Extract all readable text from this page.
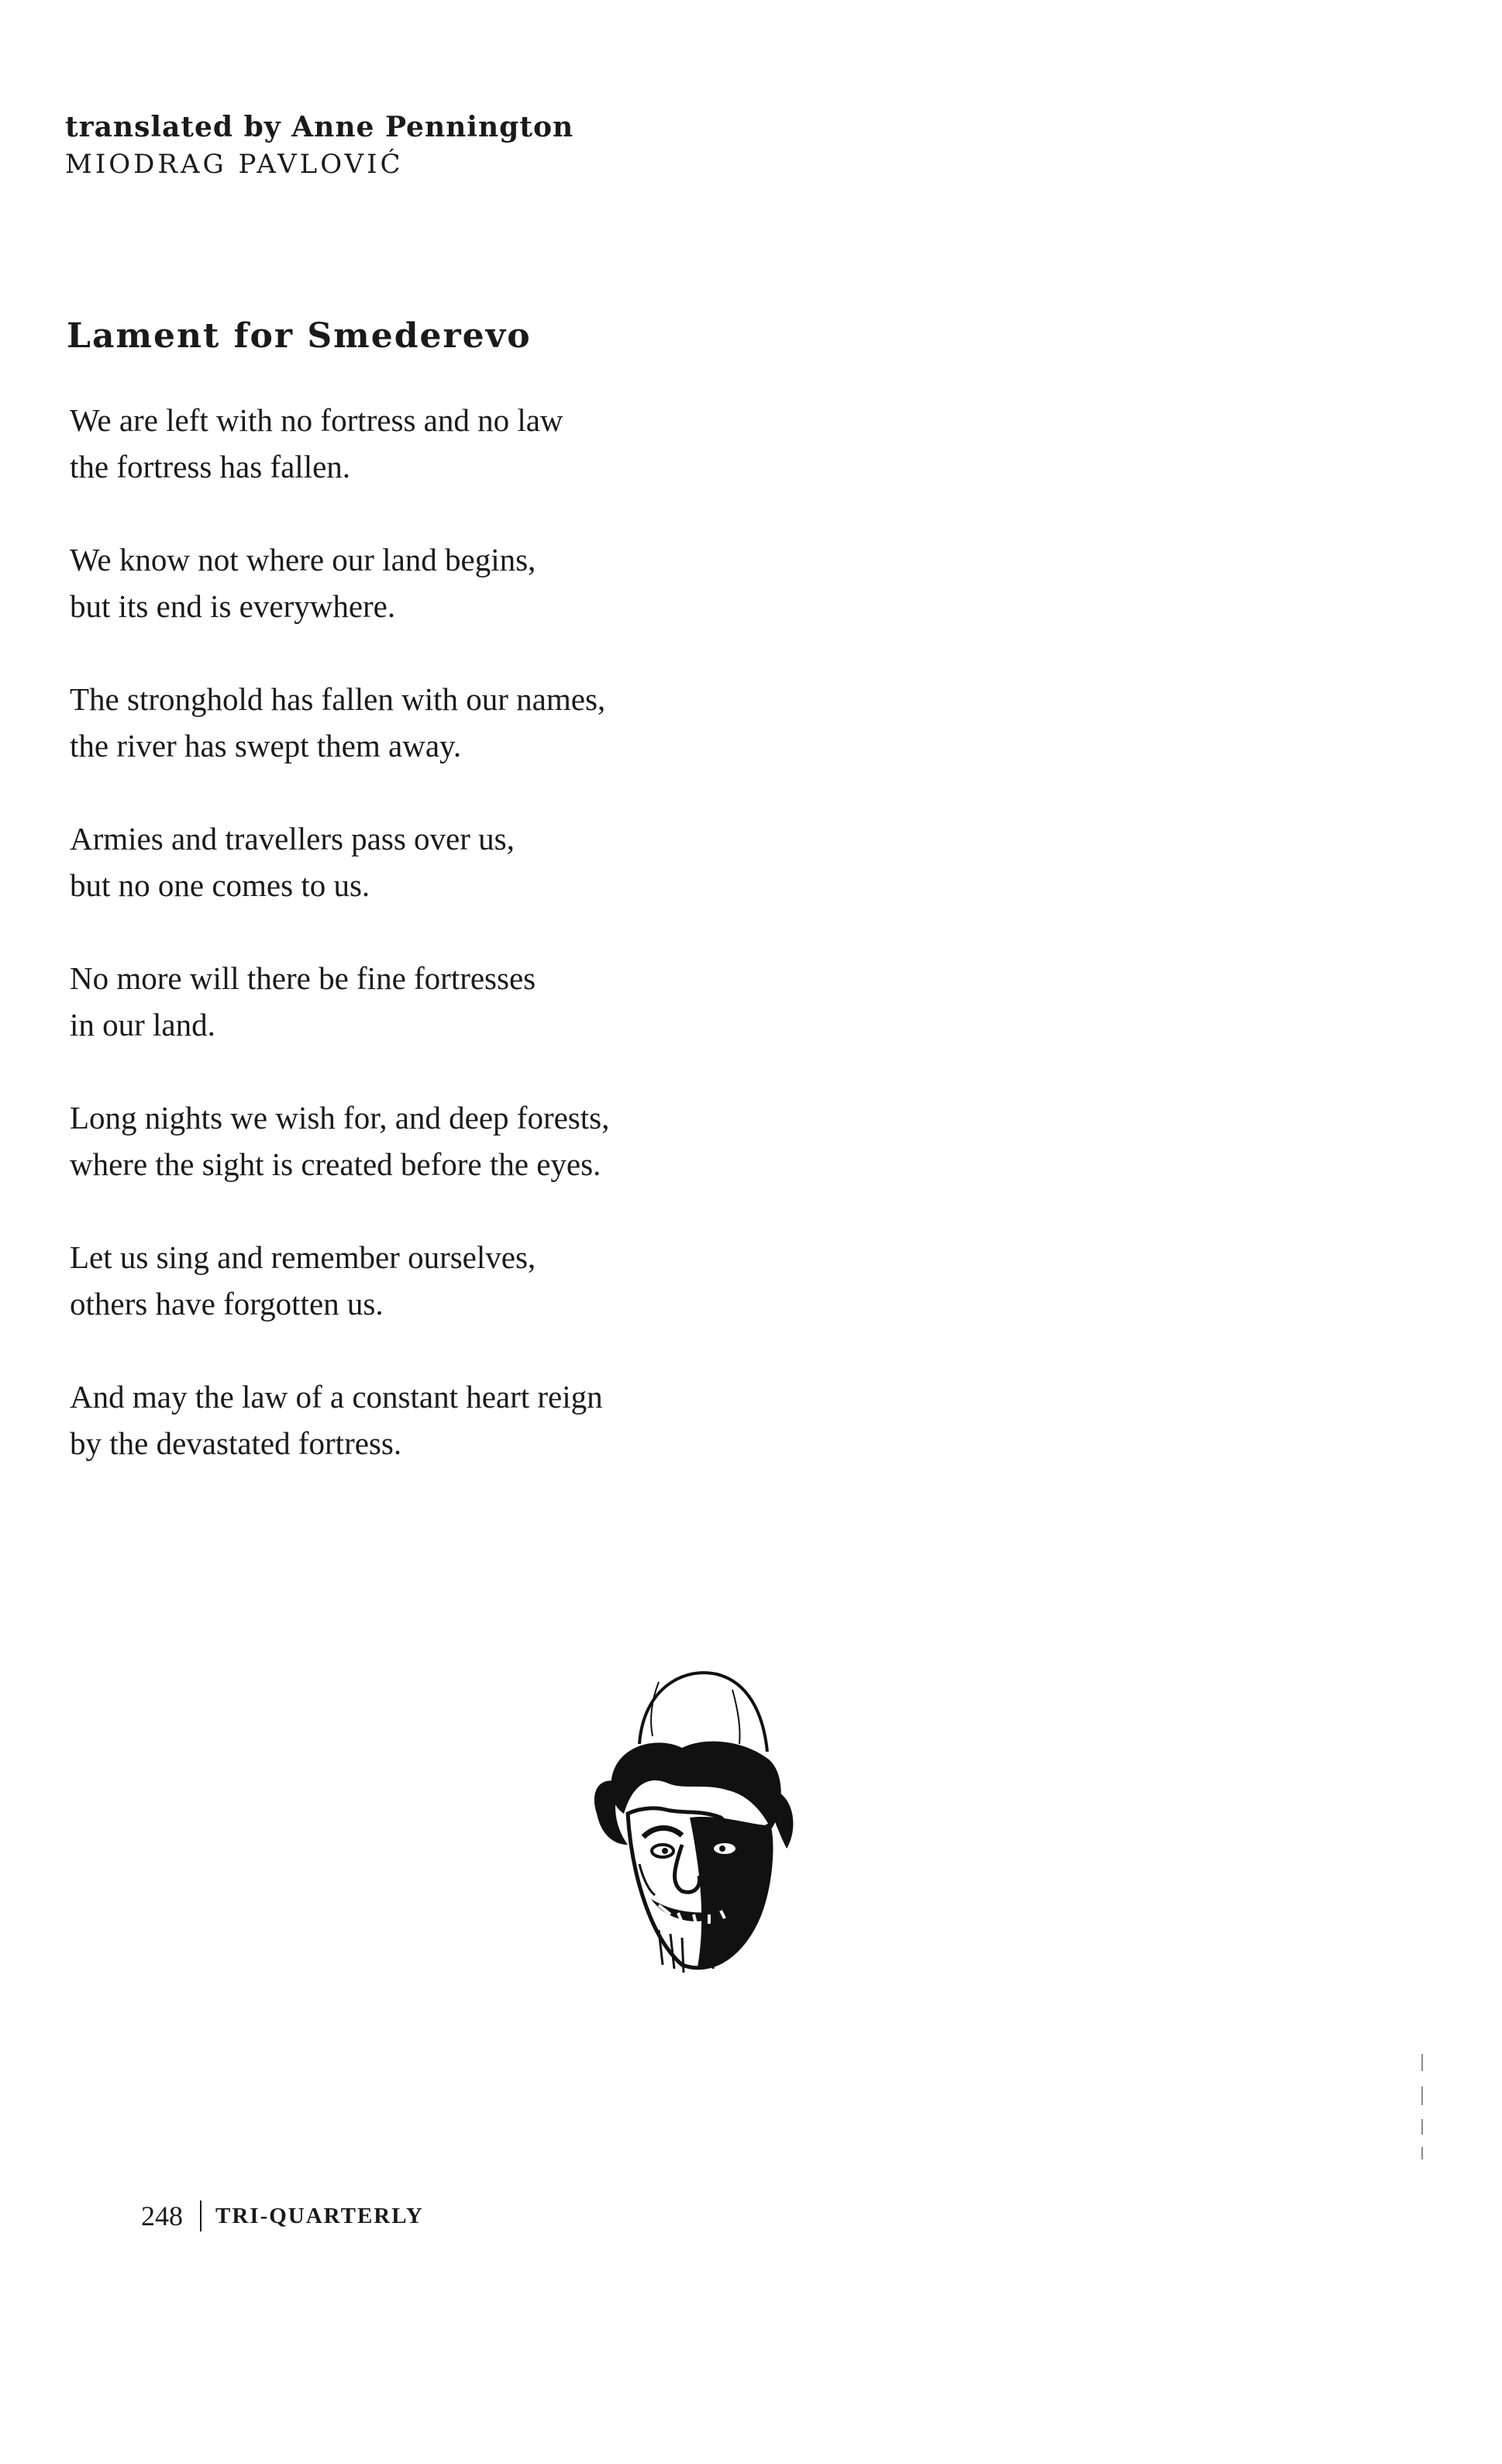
translated by Anne Pennington
MIODRAG PAVLOVIĆ
Lament for Smederevo

We are left with no fortress and no law
the fortress has fallen.

We know not where our land begins,
but its end is everywhere.

The stronghold has fallen with our names,
the river has swept them away.

Armies and travellers pass over us,
but no one comes to us.

No more will there be fine fortresses
in our land.

Long nights we wish for, and deep forests,
where the sight is created before the eyes.

Let us sing and remember ourselves,
others have forgotten us.

And may the law of a constant heart reign
by the devastated fortress.

248 TRI-QUARTERLY
